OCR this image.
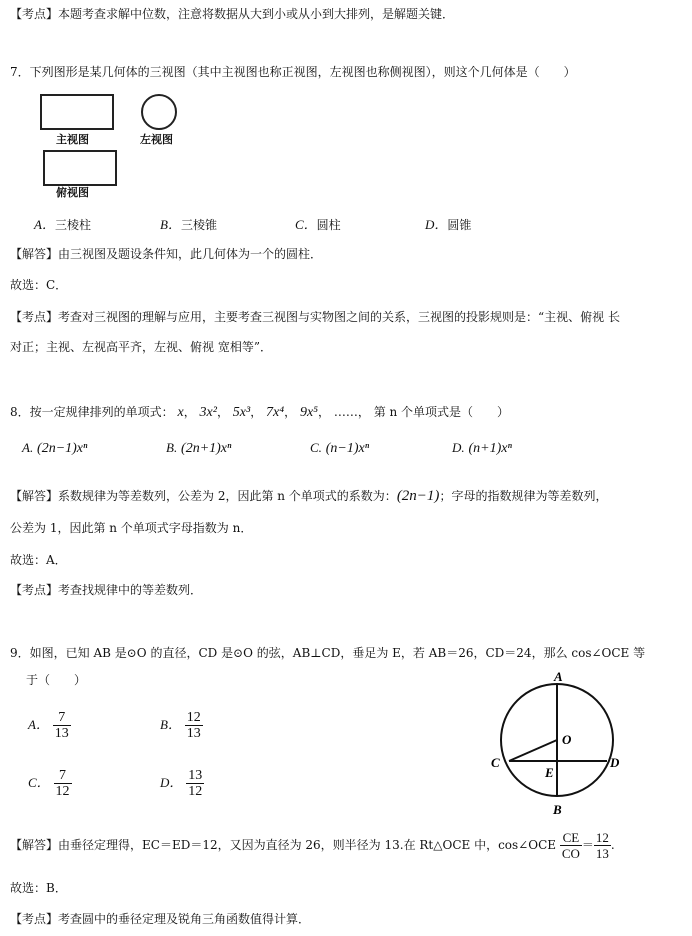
【考点】本题考查求解中位数，注意将数据从大到小或从小到大排列，是解题关键．
7．下列图形是某几何体的三视图（其中主视图也称正视图，左视图也称侧视图），则这个几何体是（　　）
主视图	左视图
俯视图
A．三棱柱	B．三棱锥	C．圆柱	D．圆锥
【解答】由三视图及题设条件知，此几何体为一个的圆柱．
故选：C．
【考点】考查对三视图的理解与应用，主要考查三视图与实物图之间的关系，三视图的投影规则是：“主视、俯视 长
对正；主视、左视高平齐，左视、俯视 宽相等”．
8．按一定规律排列的单项式： x， 3x²， 5x³， 7x⁴， 9x⁵， ……， 第 n 个单项式是（　　）
A. (2n−1)xⁿ	B. (2n+1)xⁿ	C. (n−1)xⁿ	D. (n+1)xⁿ
【解答】系数规律为等差数列，公差为 2，因此第 n 个单项式的系数为：(2n−1)；字母的指数规律为等差数列，
公差为 1，因此第 n 个单项式字母指数为 n．
故选：A．
【考点】考查找规律中的等差数列．
9．如图，已知 AB 是⊙O 的直径，CD 是⊙O 的弦，AB⊥CD，垂足为 E，若 AB＝26，CD＝24，那么 cos∠OCE 等
于（　　）
A． $\frac{7}{13}$	B． $\frac{12}{13}$
C． $\frac{7}{12}$	D． $\frac{13}{12}$
A
B
C	D
E
O
【解答】由垂径定理得，EC＝ED＝12，又因为直径为 26，则半径为 13.在 Rt△OCE 中，cos∠OCE $\frac{CE}{CO} = \frac{12}{13}$ .
故选：B．
【考点】考查圆中的垂径定理及锐角三角函数值得计算．
